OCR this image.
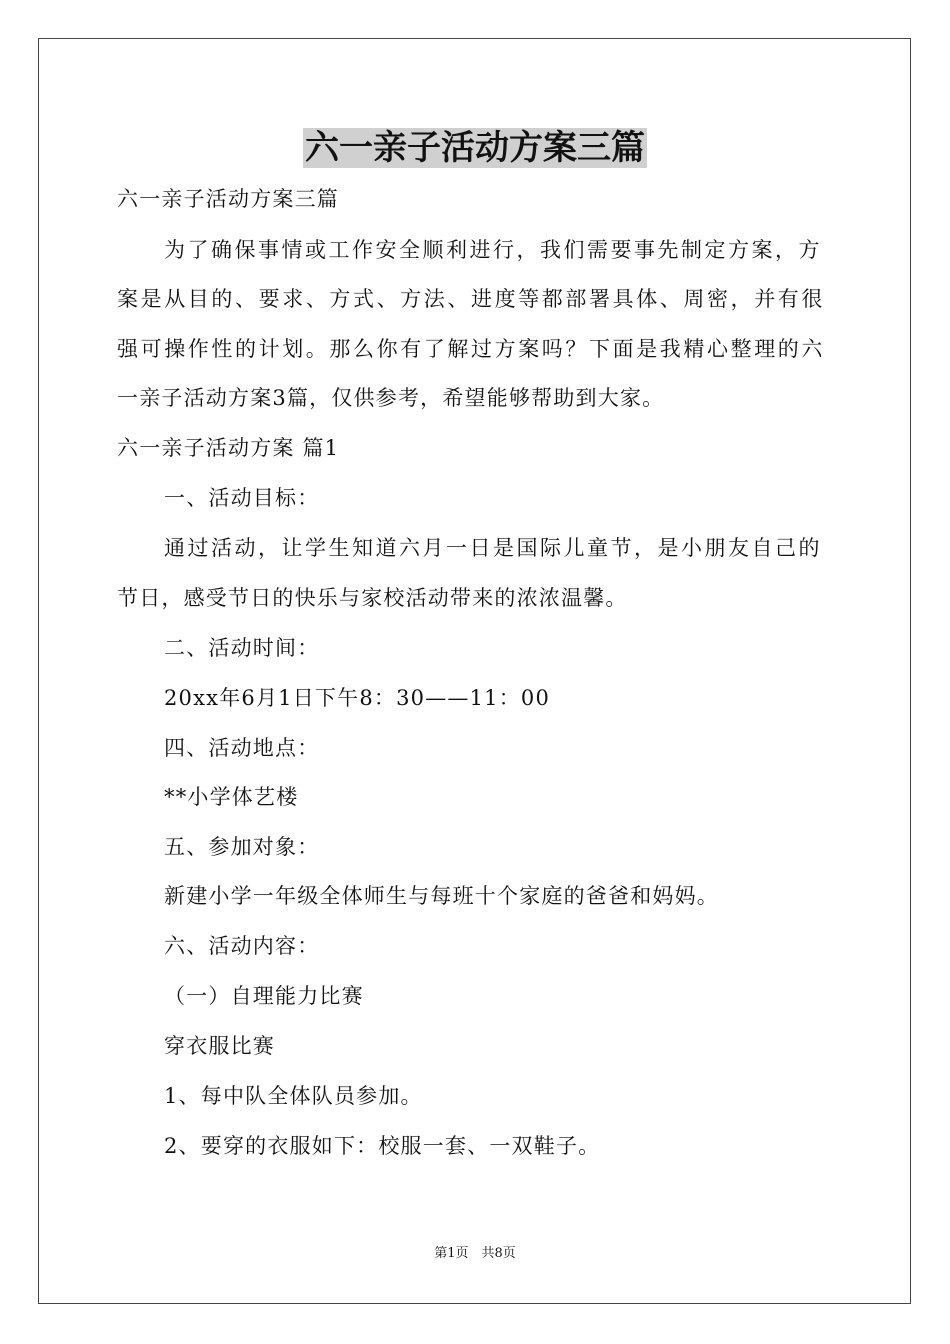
六一亲子活动方案三篇
六一亲子活动方案三篇
为了确保事情或工作安全顺利进行，我们需要事先制定方案，方
案是从目的、要求、方式、方法、进度等都部署具体、周密，并有很
强可操作性的计划。那么你有了解过方案吗？下面是我精心整理的六
一亲子活动方案3篇，仅供参考，希望能够帮助到大家。
六一亲子活动方案 篇1
一、活动目标：
通过活动，让学生知道六月一日是国际儿童节，是小朋友自己的
节日，感受节日的快乐与家校活动带来的浓浓温馨。
二、活动时间：
20xx年6月1日下午8：30——11：00
四、活动地点：
**小学体艺楼
五、参加对象：
新建小学一年级全体师生与每班十个家庭的爸爸和妈妈。
六、活动内容：
（一）自理能力比赛
穿衣服比赛
1、每中队全体队员参加。
2、要穿的衣服如下：校服一套、一双鞋子。
第1页　共8页
